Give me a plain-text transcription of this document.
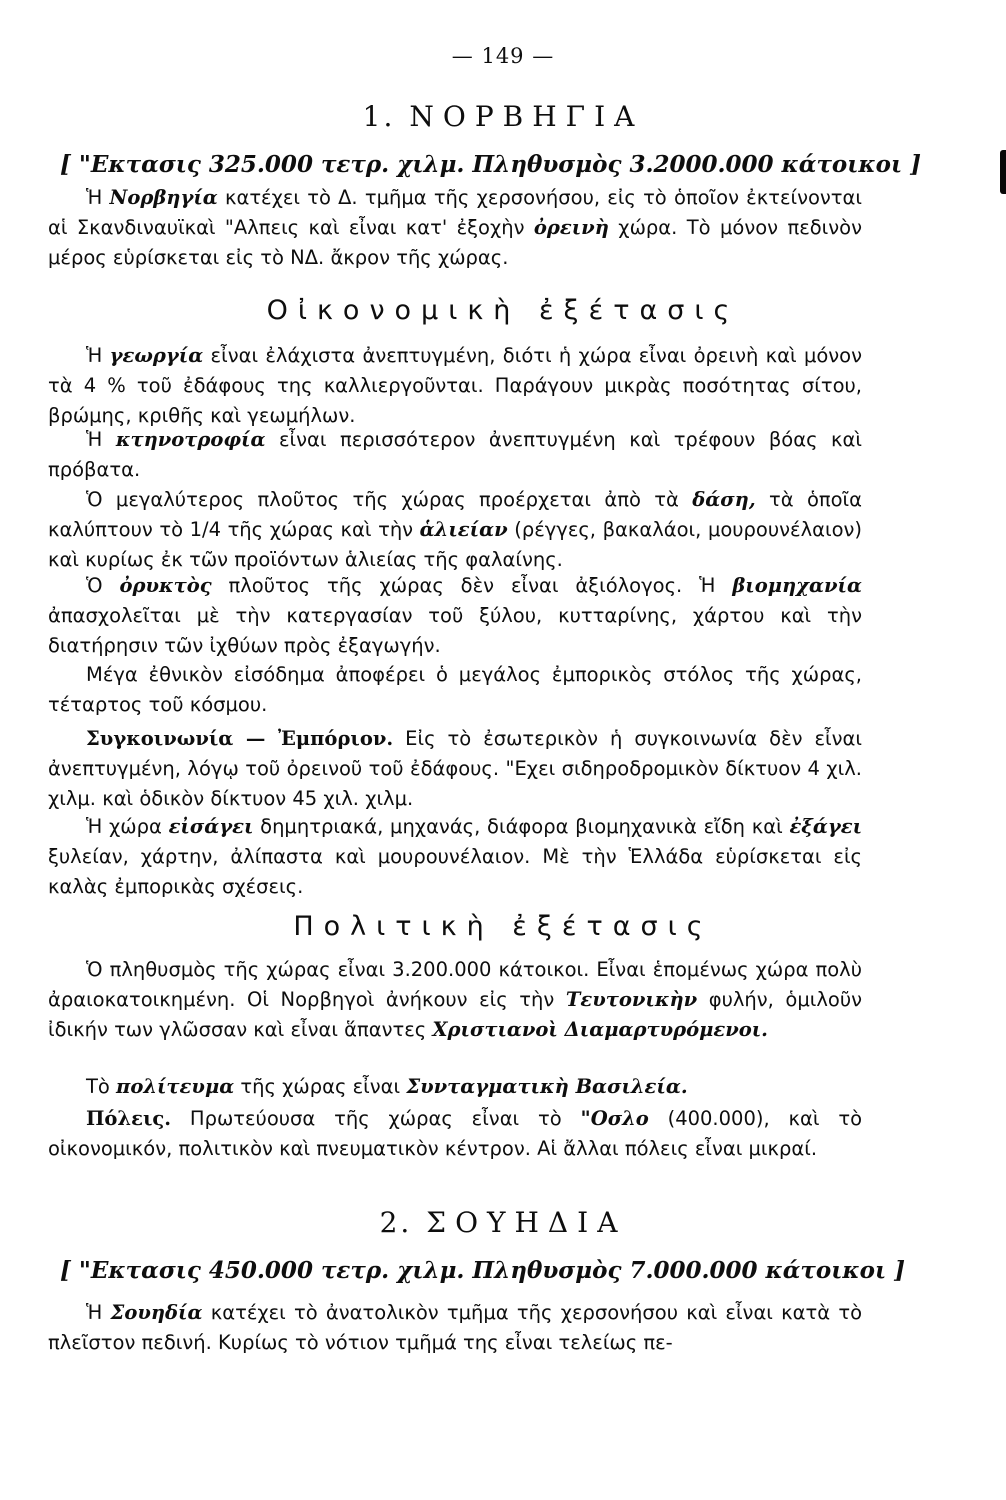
— 149 —
1. ΝΟΡΒΗΓΙΑ
[ "Εκτασις 325.000 τετρ. χιλμ. Πληθυσμὸς 3.2000.000 κάτοικοι ]

Ἡ Νορβηγία κατέχει τὸ Δ. τμῆμα τῆς χερσονήσου, εἰς τὸ ὁποῖον ἐκτείνονται αἱ Σκανδιναυϊκαὶ "Αλπεις καὶ εἶναι κατ' ἐξοχὴν ὀρεινὴ χώρα. Τὸ μόνον πεδινὸν μέρος εὑρίσκεται εἰς τὸ ΝΔ. ἄκρον τῆς χώρας.

Οἰκονομικὴ ἐξέτασις

Ἡ γεωργία εἶναι ἐλάχιστα ἀνεπτυγμένη, διότι ἡ χώρα εἶναι ὀρεινὴ καὶ μόνον τὰ 4 % τοῦ ἐδάφους της καλλιεργοῦνται. Παράγουν μικρὰς ποσότητας σίτου, βρώμης, κριθῆς καὶ γεωμήλων.

Ἡ κτηνοτροφία εἶναι περισσότερον ἀνεπτυγμένη καὶ τρέφουν βόας καὶ πρόβατα.

Ὁ μεγαλύτερος πλοῦτος τῆς χώρας προέρχεται ἀπὸ τὰ δάση, τὰ ὁποῖα καλύπτουν τὸ 1/4 τῆς χώρας καὶ τὴν ἁλιείαν (ρέγγες, βακαλάοι, μουρουνέλαιον) καὶ κυρίως ἐκ τῶν προϊόντων ἁλιείας τῆς φαλαίνης.

Ὁ ὀρυκτὸς πλοῦτος τῆς χώρας δὲν εἶναι ἀξιόλογος. Ἡ βιομηχανία ἀπασχολεῖται μὲ τὴν κατεργασίαν τοῦ ξύλου, κυτταρίνης, χάρτου καὶ τὴν διατήρησιν τῶν ἰχθύων πρὸς ἐξαγωγήν.

Μέγα ἐθνικὸν εἰσόδημα ἀποφέρει ὁ μεγάλος ἐμπορικὸς στόλος τῆς χώρας, τέταρτος τοῦ κόσμου.

Συγκοινωνία — Ἐμπόριον. Εἰς τὸ ἐσωτερικὸν ἡ συγκοινωνία δὲν εἶναι ἀνεπτυγμένη, λόγῳ τοῦ ὀρεινοῦ τοῦ ἐδάφους. "Εχει σιδηροδρομικὸν δίκτυον 4 χιλ. χιλμ. καὶ ὁδικὸν δίκτυον 45 χιλ. χιλμ.

Ἡ χώρα εἰσάγει δημητριακά, μηχανάς, διάφορα βιομηχανικὰ εἴδη καὶ ἐξάγει ξυλείαν, χάρτην, ἀλίπαστα καὶ μουρουνέλαιον. Μὲ τὴν Ἑλλάδα εὑρίσκεται εἰς καλὰς ἐμπορικὰς σχέσεις.

Πολιτικὴ ἐξέτασις

Ὁ πληθυσμὸς τῆς χώρας εἶναι 3.200.000 κάτοικοι. Εἶναι ἑπομένως χώρα πολὺ ἀραιοκατοικημένη. Οἱ Νορβηγοὶ ἀνήκουν εἰς τὴν Τευτονικὴν φυλήν, ὁμιλοῦν ἰδικήν των γλῶσσαν καὶ εἶναι ἅπαντες Χριστιανοὶ Διαμαρτυρόμενοι.

Τὸ πολίτευμα τῆς χώρας εἶναι Συνταγματικὴ Βασιλεία.

Πόλεις. Πρωτεύουσα τῆς χώρας εἶναι τὸ "Οσλο (400.000), καὶ τὸ οἰκονομικόν, πολιτικὸν καὶ πνευματικὸν κέντρον. Αἱ ἄλλαι πόλεις εἶναι μικραί.

2. ΣΟΥΗΔΙΑ
[ "Εκτασις 450.000 τετρ. χιλμ. Πληθυσμὸς 7.000.000 κάτοικοι ]

Ἡ Σουηδία κατέχει τὸ ἀνατολικὸν τμῆμα τῆς χερσονήσου καὶ εἶναι κατὰ τὸ πλεῖστον πεδινή. Κυρίως τὸ νότιον τμῆμά της εἶναι τελείως πε-
